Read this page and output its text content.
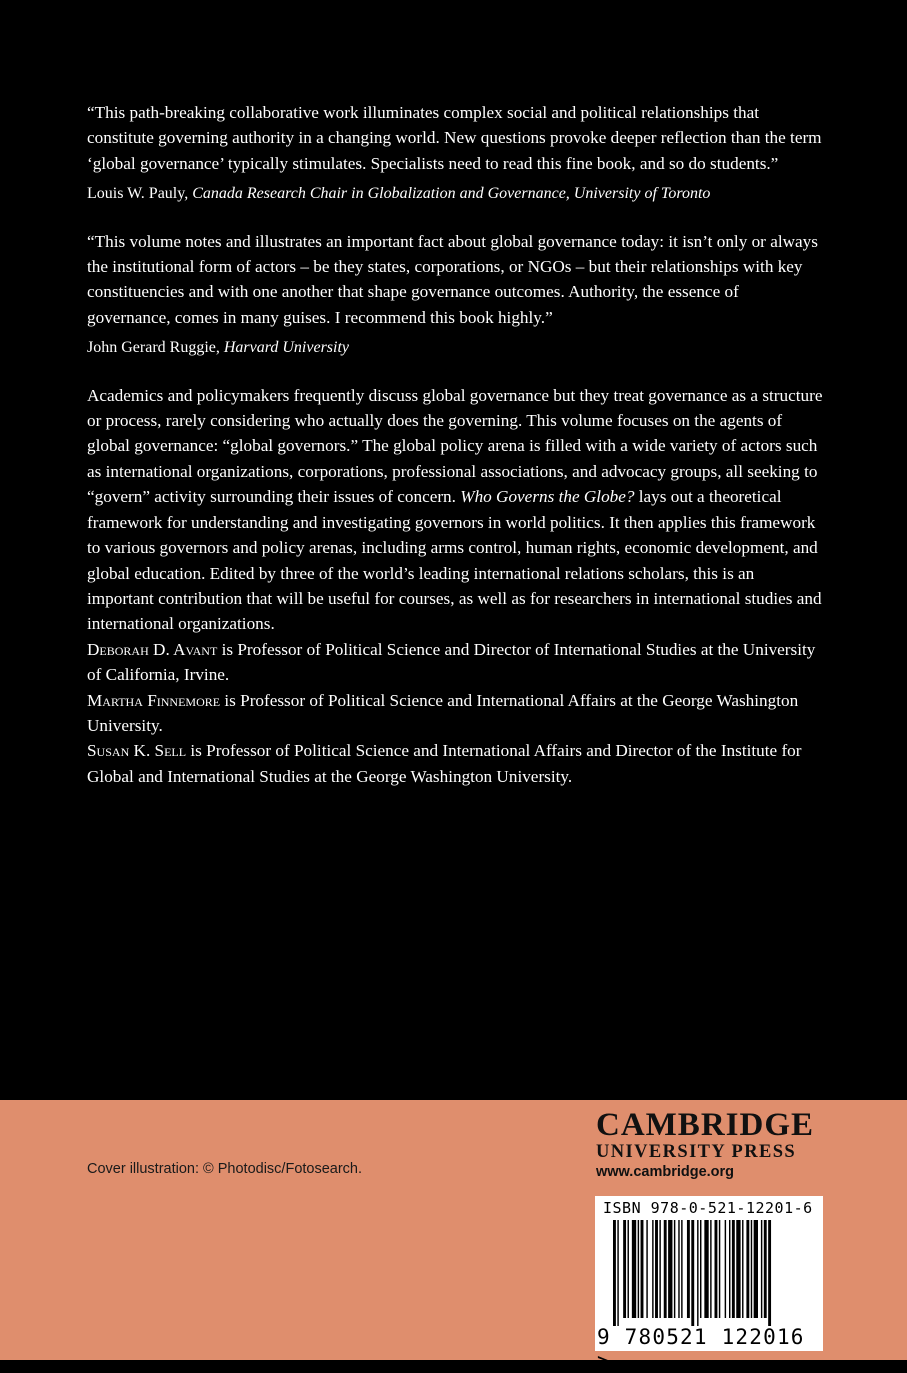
“This path-breaking collaborative work illuminates complex social and political relationships that constitute governing authority in a changing world. New questions provoke deeper reflection than the term ‘global governance’ typically stimulates. Specialists need to read this fine book, and so do students.”

Louis W. Pauly, Canada Research Chair in Globalization and Governance, University of Toronto

“This volume notes and illustrates an important fact about global governance today: it isn’t only or always the institutional form of actors – be they states, corporations, or NGOs – but their relationships with key constituencies and with one another that shape governance outcomes. Authority, the essence of governance, comes in many guises. I recommend this book highly.”

John Gerard Ruggie, Harvard University

Academics and policymakers frequently discuss global governance but they treat governance as a structure or process, rarely considering who actually does the governing. This volume focuses on the agents of global governance: “global governors.” The global policy arena is filled with a wide variety of actors such as international organizations, corporations, professional associations, and advocacy groups, all seeking to “govern” activity surrounding their issues of concern. Who Governs the Globe? lays out a theoretical framework for understanding and investigating governors in world politics. It then applies this framework to various governors and policy arenas, including arms control, human rights, economic development, and global education. Edited by three of the world’s leading international relations scholars, this is an important contribution that will be useful for courses, as well as for researchers in international studies and international organizations.

Deborah D. Avant is Professor of Political Science and Director of International Studies at the University of California, Irvine.

Martha Finnemore is Professor of Political Science and International Affairs at the George Washington University.

Susan K. Sell is Professor of Political Science and International Affairs and Director of the Institute for Global and International Studies at the George Washington University.

Cover illustration: © Photodisc/Fotosearch.
CAMBRIDGE
UNIVERSITY PRESS
www.cambridge.org
ISBN 978-0-521-12201-6
9 780521 122016 >
